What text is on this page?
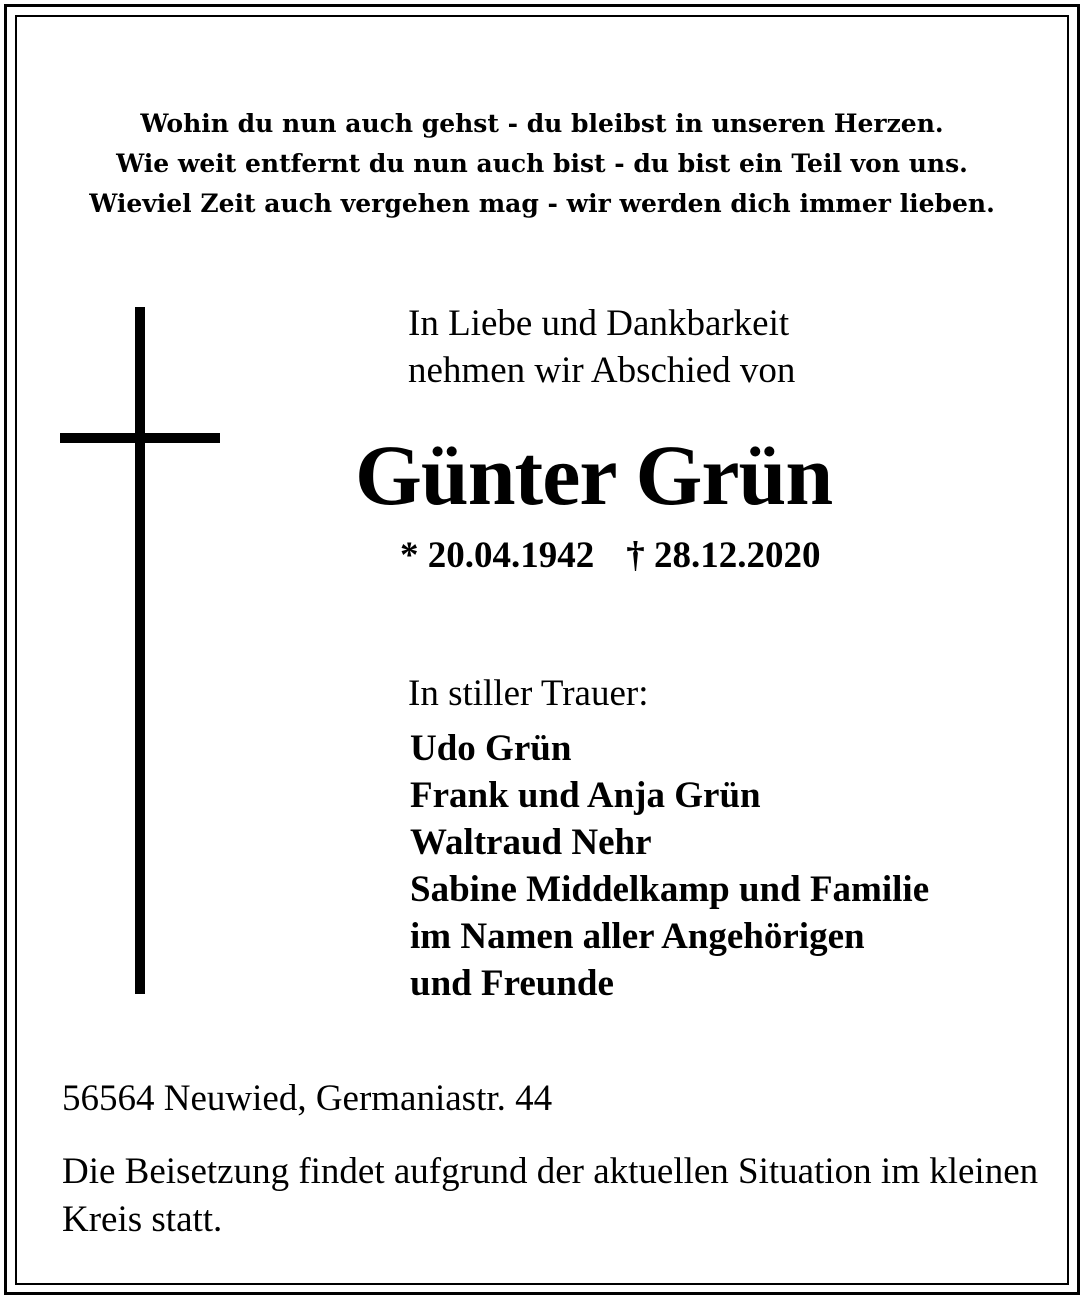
Wohin du nun auch gehst - du bleibst in unseren Herzen.
Wie weit entfernt du nun auch bist - du bist ein Teil von uns.
Wieviel Zeit auch vergehen mag - wir werden dich immer lieben.
In Liebe und Dankbarkeit
nehmen wir Abschied von
Günter Grün
* 20.04.1942 † 28.12.2020
In stiller Trauer:
Udo Grün
Frank und Anja Grün
Waltraud Nehr
Sabine Middelkamp und Familie
im Namen aller Angehörigen
und Freunde
56564 Neuwied, Germaniastr. 44
Die Beisetzung findet aufgrund der aktuellen Situation im kleinen Kreis statt.
